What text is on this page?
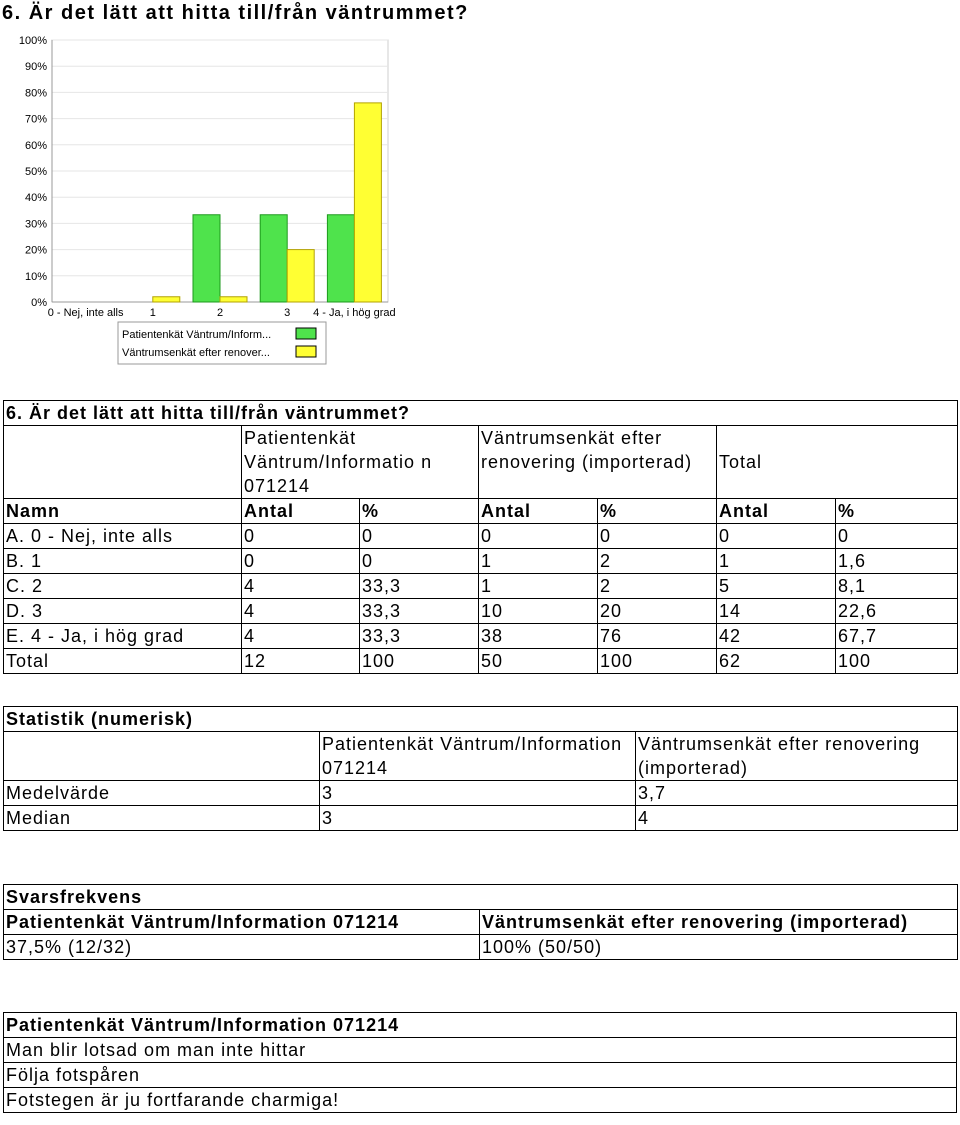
6. Är det lätt att hitta till/från väntrummet?
100%
90%
80%
70%
60%
50%
40%
30%
20%
10%
0%
0 - Nej, inte alls 1	2	3 4 - Ja, i hög grad
Patientenkät Väntrum/Inform...
Väntrumsenkät efter renover...
6. Är det lätt att hitta till/från väntrummet?						
	Patientenkät Väntrum/Informatio n 071214		Väntrumsenkät efter renovering (importerad)		Total	
Namn	Antal	%	Antal	%	Antal	%
A. 0 - Nej, inte alls	0	0	0	0	0	0
B. 1	0	0	1	2	1	1,6
C. 2	4	33,3	1	2	5	8,1
D. 3	4	33,3	10	20	14	22,6
E. 4 - Ja, i hög grad	4	33,3	38	76	42	67,7
Total	12	100	50	100	62	100
Statistik (numerisk)		
	Patientenkät Väntrum/Information 071214	Väntrumsenkät efter renovering (importerad)
Medelvärde	3	3,7
Median	3	4
Svarsfrekvens	
Patientenkät Väntrum/Information 071214	Väntrumsenkät efter renovering (importerad)
37,5% (12/32)	100% (50/50)
Patientenkät Väntrum/Information 071214
Man blir lotsad om man inte hittar
Följa fotspåren
Fotstegen är ju fortfarande charmiga!
